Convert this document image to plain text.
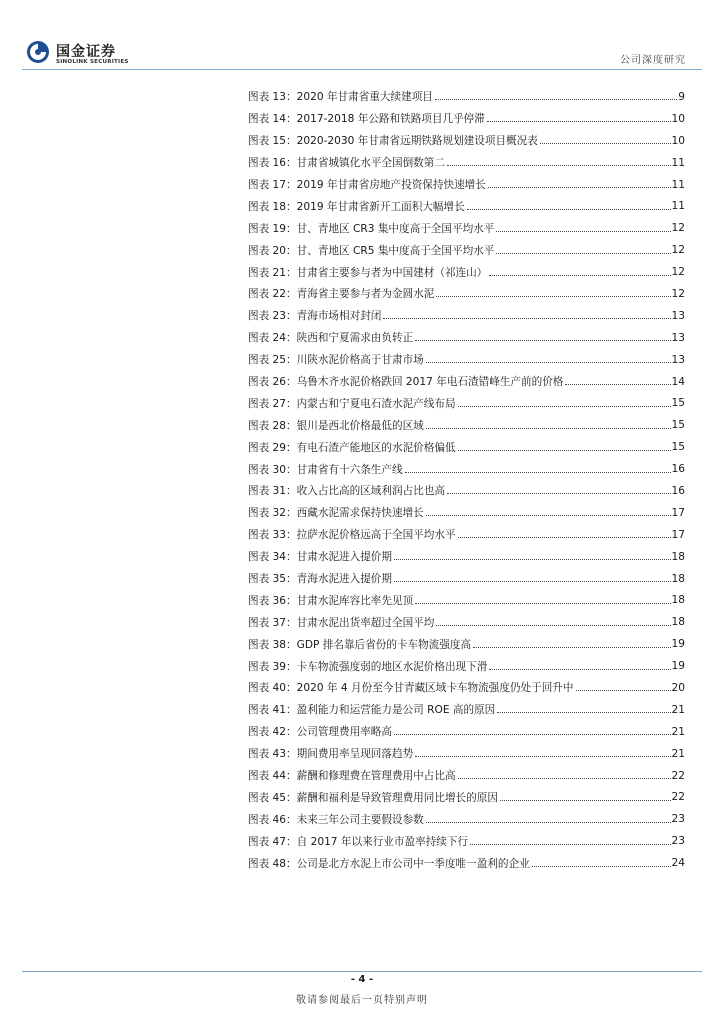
国金证券
SINOLINK SECURITIES	公司深度研究
图表 13：2020 年甘肃省重大续建项目	9
图表 14：2017-2018 年公路和铁路项目几乎停滞	10
图表 15：2020-2030 年甘肃省远期铁路规划建设项目概况表	10
图表 16：甘肃省城镇化水平全国倒数第二	11
图表 17：2019 年甘肃省房地产投资保持快速增长	11
图表 18：2019 年甘肃省新开工面积大幅增长	11
图表 19：甘、青地区 CR3 集中度高于全国平均水平	12
图表 20：甘、青地区 CR5 集中度高于全国平均水平	12
图表 21：甘肃省主要参与者为中国建材（祁连山）	12
图表 22：青海省主要参与者为金圆水泥	12
图表 23：青海市场相对封闭	13
图表 24：陕西和宁夏需求由负转正	13
图表 25：川陕水泥价格高于甘肃市场	13
图表 26：乌鲁木齐水泥价格跌回 2017 年电石渣错峰生产前的价格	14
图表 27：内蒙古和宁夏电石渣水泥产线布局	15
图表 28：银川是西北价格最低的区域	15
图表 29：有电石渣产能地区的水泥价格偏低	15
图表 30：甘肃省有十六条生产线	16
图表 31：收入占比高的区域利润占比也高	16
图表 32：西藏水泥需求保持快速增长	17
图表 33：拉萨水泥价格远高于全国平均水平	17
图表 34：甘肃水泥进入提价期	18
图表 35：青海水泥进入提价期	18
图表 36：甘肃水泥库容比率先见顶	18
图表 37：甘肃水泥出货率超过全国平均	18
图表 38：GDP 排名靠后省份的卡车物流强度高	19
图表 39：卡车物流强度弱的地区水泥价格出现下滑	19
图表 40：2020 年 4 月份至今甘青藏区域卡车物流强度仍处于回升中	20
图表 41：盈利能力和运营能力是公司 ROE 高的原因	21
图表 42：公司管理费用率略高	21
图表 43：期间费用率呈现回落趋势	21
图表 44：薪酬和修理费在管理费用中占比高	22
图表 45：薪酬和福利是导致管理费用同比增长的原因	22
图表 46：未来三年公司主要假设参数	23
图表 47：自 2017 年以来行业市盈率持续下行	23
图表 48：公司是北方水泥上市公司中一季度唯一盈利的企业	24
- 4 -
敬请参阅最后一页特别声明
